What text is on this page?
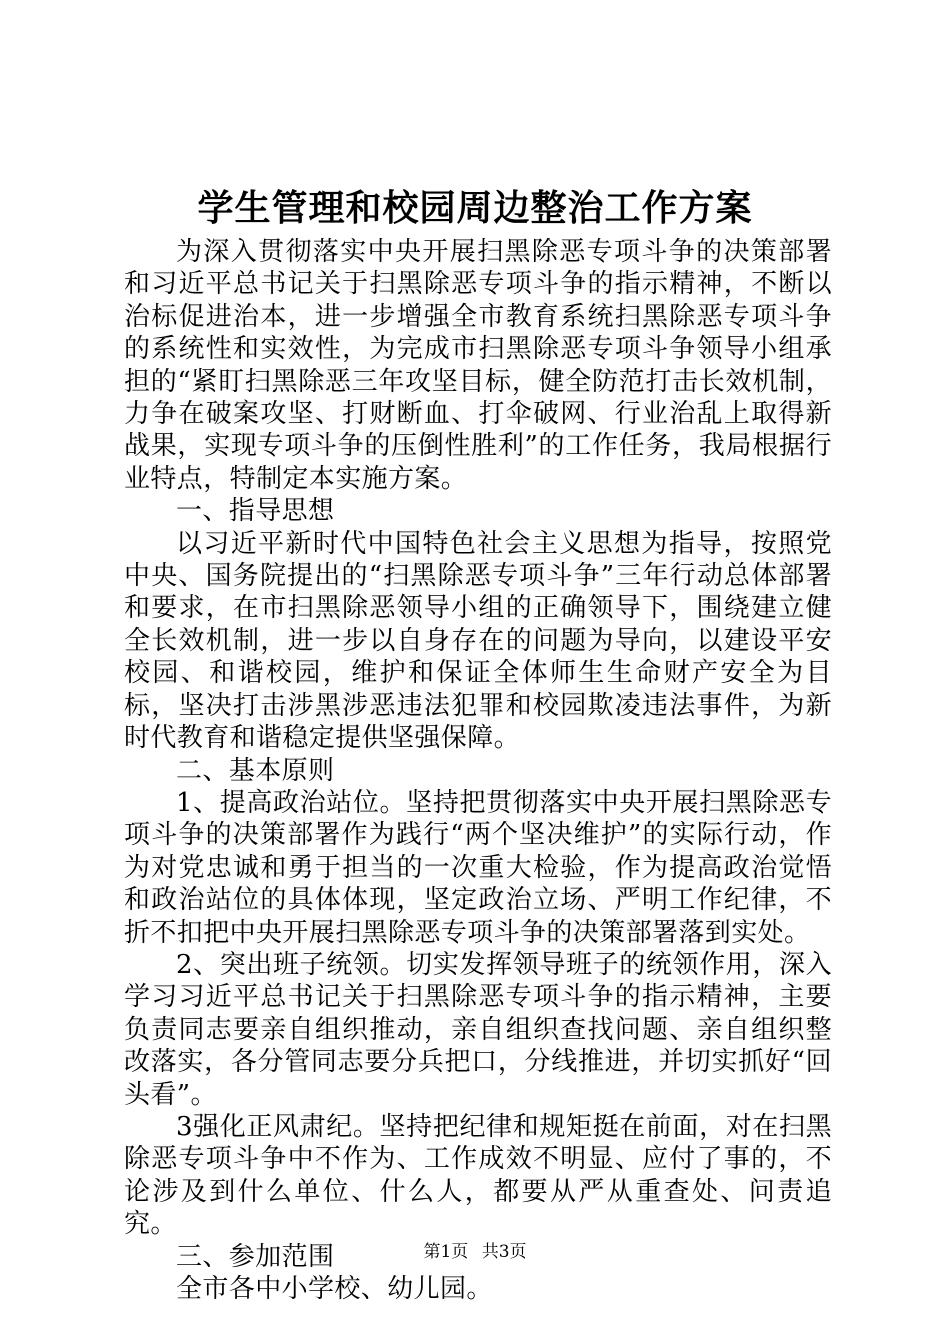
学生管理和校园周边整治工作方案

为深入贯彻落实中央开展扫黑除恶专项斗争的决策部署和习近平总书记关于扫黑除恶专项斗争的指示精神，不断以治标促进治本，进一步增强全市教育系统扫黑除恶专项斗争的系统性和实效性，为完成市扫黑除恶专项斗争领导小组承担的“紧盯扫黑除恶三年攻坚目标，健全防范打击长效机制，力争在破案攻坚、打财断血、打伞破网、行业治乱上取得新战果，实现专项斗争的压倒性胜利”的工作任务，我局根据行业特点，特制定本实施方案。

一、指导思想

以习近平新时代中国特色社会主义思想为指导，按照党中央、国务院提出的“扫黑除恶专项斗争”三年行动总体部署和要求，在市扫黑除恶领导小组的正确领导下，围绕建立健全长效机制，进一步以自身存在的问题为导向，以建设平安校园、和谐校园，维护和保证全体师生生命财产安全为目标，坚决打击涉黑涉恶违法犯罪和校园欺凌违法事件，为新时代教育和谐稳定提供坚强保障。

二、基本原则

1、提高政治站位。坚持把贯彻落实中央开展扫黑除恶专项斗争的决策部署作为践行“两个坚决维护”的实际行动，作为对党忠诚和勇于担当的一次重大检验，作为提高政治觉悟和政治站位的具体体现，坚定政治立场、严明工作纪律，不折不扣把中央开展扫黑除恶专项斗争的决策部署落到实处。

2、突出班子统领。切实发挥领导班子的统领作用，深入学习习近平总书记关于扫黑除恶专项斗争的指示精神，主要负责同志要亲自组织推动，亲自组织查找问题、亲自组织整改落实，各分管同志要分兵把口，分线推进，并切实抓好“回头看”。

3强化正风肃纪。坚持把纪律和规矩挺在前面，对在扫黑除恶专项斗争中不作为、工作成效不明显、应付了事的，不论涉及到什么单位、什么人，都要从严从重查处、问责追究。

三、参加范围

全市各中小学校、幼儿园。

第1页 共3页
